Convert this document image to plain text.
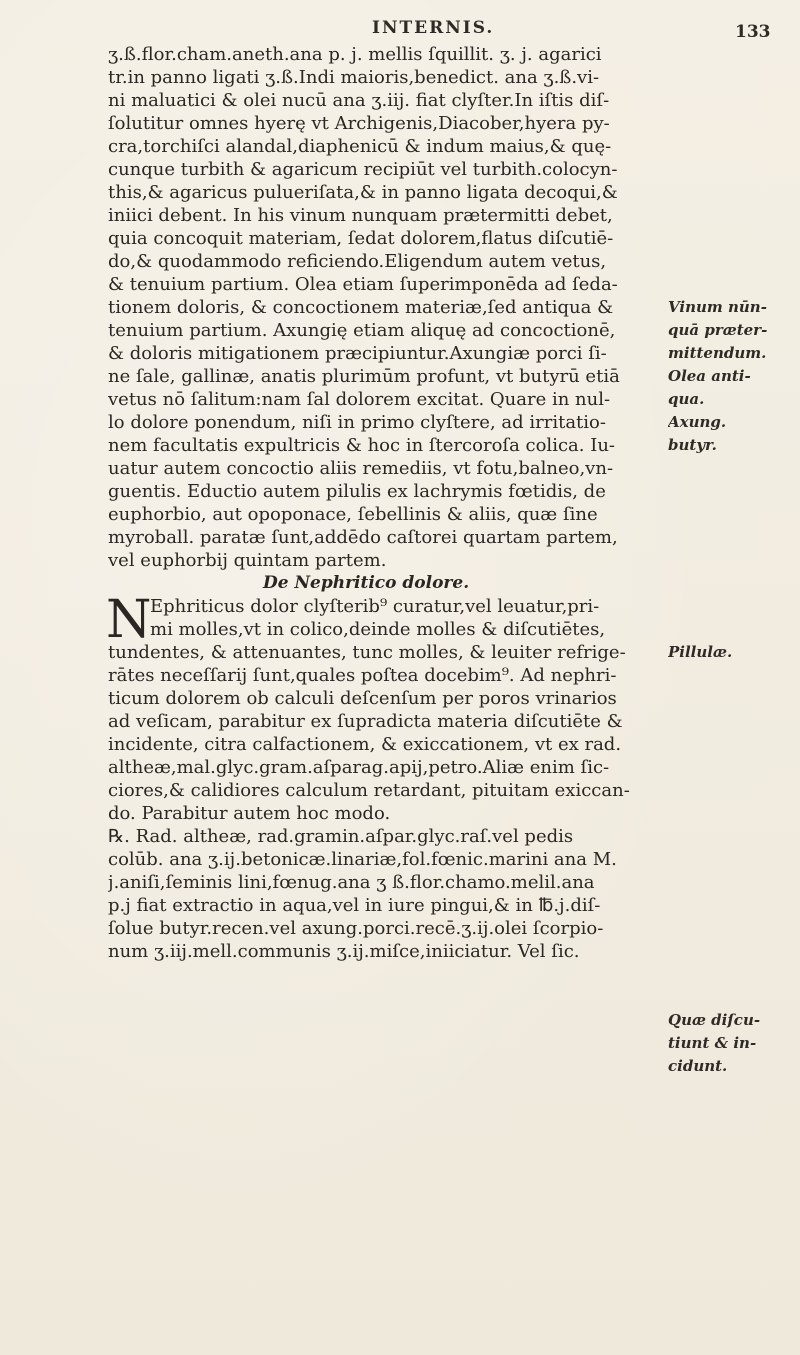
INTERNIS.	133
ʒ.ß.flor.cham.aneth.ana p. j. mellis ſquillit. ʒ. j. agarici
tr.in panno ligati ʒ.ß.Indi maioris,benedict. ana ʒ.ß.vi-
ni maluatici & olei nucū ana ʒ.iij. fiat clyſter.In iſtis diſ-
ſolutitur omnes hyerę vt Archigenis,Diacober,hyera py-
cra,torchiſci alandal,diaphenicū & indum maius,& quę-
cunque turbith & agaricum recipiūt vel turbith.colocyn-
this,& agaricus pulueriſata,& in panno ligata decoqui,&
iniici debent. In his vinum nunquam prætermitti debet,
quia concoquit materiam, ſedat dolorem,flatus diſcutiē-
do,& quodammodo reficiendo.Eligendum autem vetus,
& tenuium partium. Olea etiam ſuperimponēda ad ſeda-
tionem doloris, & concoctionem materiæ,ſed antiqua &
tenuium partium. Axungię etiam aliquę ad concoctionē,
& doloris mitigationem præcipiuntur.Axungiæ porci ſi-
ne ſale, gallinæ, anatis plurimūm profunt, vt butyrū etiā
vetus nō ſalitum:nam ſal dolorem excitat. Quare in nul-
lo dolore ponendum, niſi in primo clyſtere, ad irritatio-
nem facultatis expultricis & hoc in ſtercoroſa colica. Iu-
uatur autem concoctio aliis remediis, vt fotu,balneo,vn-
guentis. Eductio autem pilulis ex lachrymis fœtidis, de
euphorbio, aut opoponace, ſebellinis & aliis, quæ ſine
myroball. paratæ ſunt,addēdo caſtorei quartam partem,
vel euphorbij quintam partem.
De Nephritico dolore.
N
Ephriticus dolor clyſterib⁹ curatur,vel leuatur,pri-
mi molles,vt in colico,deinde molles & diſcutiētes,
tundentes, & attenuantes, tunc molles, & leuiter refrige-
rātes neceſſarij ſunt,quales poſtea docebim⁹. Ad nephri-
ticum dolorem ob calculi deſcenſum per poros vrinarios
ad veſicam, parabitur ex ſupradicta materia diſcutiēte &
incidente, citra calfactionem, & exiccationem, vt ex rad.
altheæ,mal.glyc.gram.aſparag.apij,petro.Aliæ enim ſic-
ciores,& calidiores calculum retardant, pituitam exiccan-
do. Parabitur autem hoc modo.
℞. Rad. altheæ, rad.gramin.aſpar.glyc.raſ.vel pedis
colūb. ana ʒ.ij.betonicæ.linariæ,fol.fœnic.marini ana M.
j.aniſi,ſeminis lini,fœnug.ana ʒ ß.flor.chamo.melil.ana
p.j fiat extractio in aqua,vel in iure pingui,& in ℔.j.diſ-
ſolue butyr.recen.vel axung.porci.recē.ʒ.ij.olei ſcorpio-
num ʒ.iij.mell.communis ʒ.ij.miſce,iniiciatur. Vel ſic.
Vinum nūn-
quā præter-
mittendum.
Olea anti-
qua.
Axung.
butyr.
Pillulæ.
Quæ diſcu-
tiunt & in-
cidunt.
